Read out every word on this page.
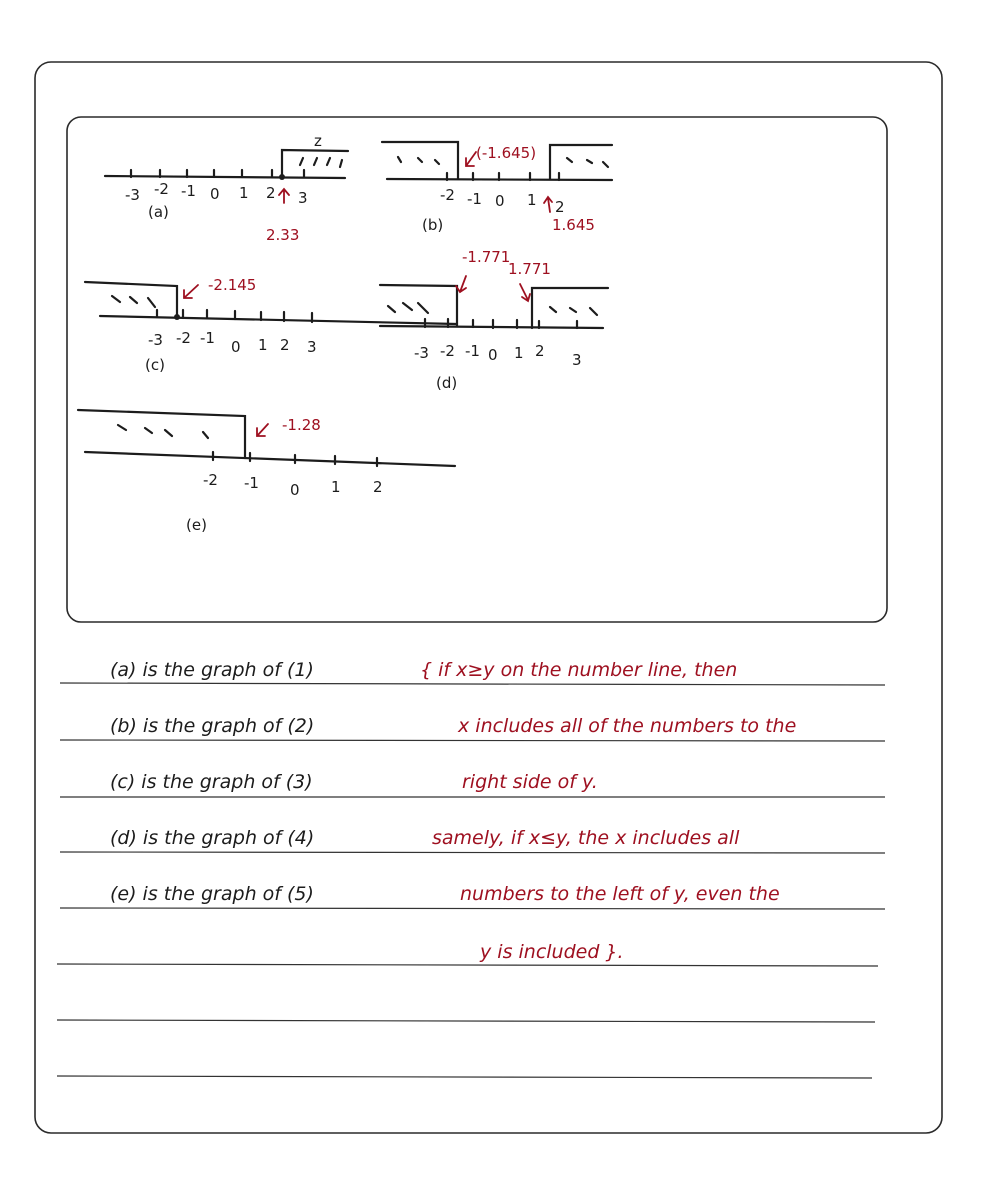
-3 -2 -1 0 1 2 3
z
(a)
2.33
-2 -1 0 1 2
(b)
(-1.645)
1.645
-3 -2 -1 0 1 2 3
(c)
-2.145
-3 -2 -1 0 1 2 3
(d)
-1.771
1.771
-2 -1 0 1 2
(e)
-1.28
(a) is the graph of (1)
(b) is the graph of (2)
(c) is the graph of (3)
(d) is the graph of (4)
(e) is the graph of (5)
{ if x≥y on the number line, then
x includes all of the numbers to the
right side of y.
samely, if x≤y, the x includes all
numbers to the left of y, even the
y is included }.
